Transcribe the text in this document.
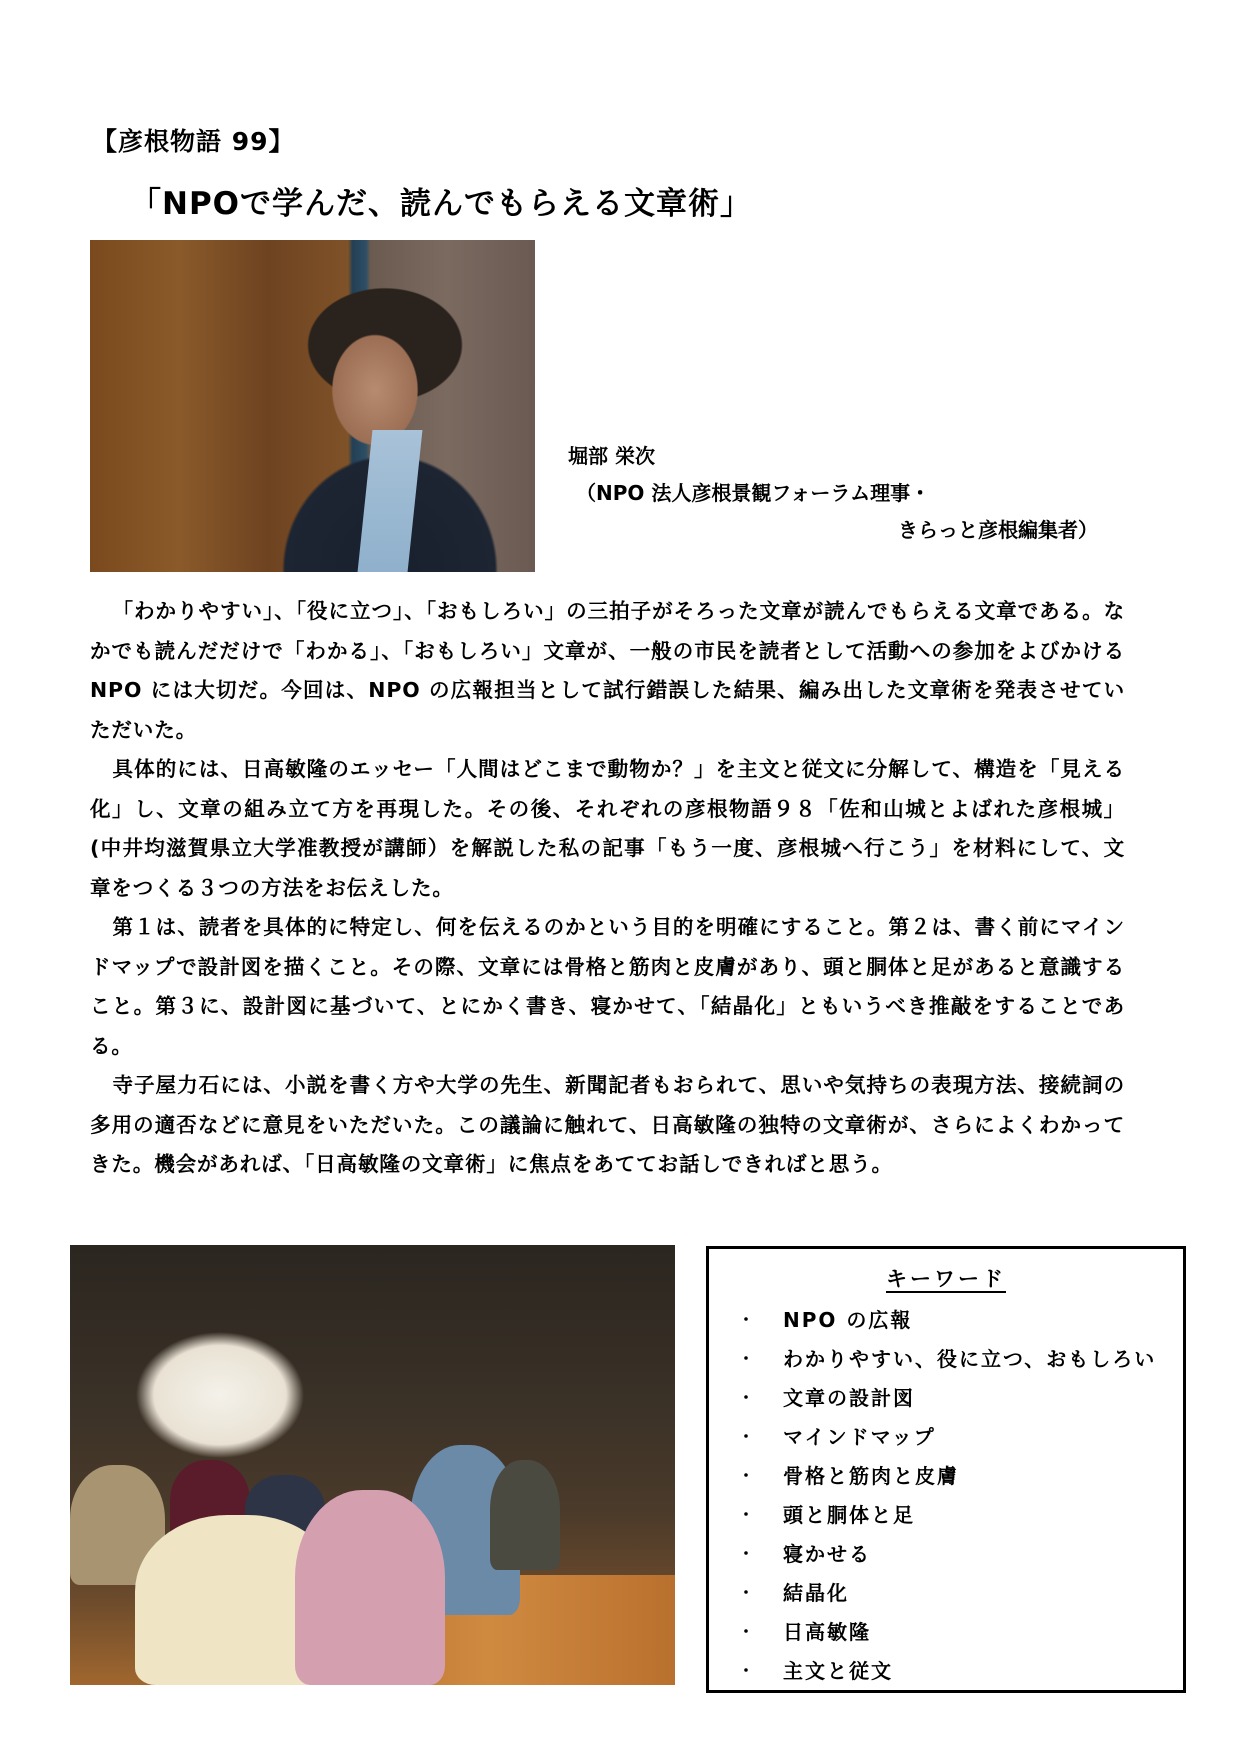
【彦根物語 99】
「NPOで学んだ、読んでもらえる文章術」
堀部 栄次
（NPO 法人彦根景観フォーラム理事・
きらっと彦根編集者）

「わかりやすい」、「役に立つ」、「おもしろい」の三拍子がそろった文章が読んでもらえる文章である。なかでも読んだだけで「わかる」、「おもしろい」文章が、一般の市民を読者として活動への参加をよびかける NPO には大切だ。今回は、NPO の広報担当として試行錯誤した結果、編み出した文章術を発表させていただいた。

具体的には、日高敏隆のエッセー「人間はどこまで動物か？」を主文と従文に分解して、構造を「見える化」し、文章の組み立て方を再現した。その後、それぞれの彦根物語９８「佐和山城とよばれた彦根城」(中井均滋賀県立大学准教授が講師）を解説した私の記事「もう一度、彦根城へ行こう」を材料にして、文章をつくる３つの方法をお伝えした。

第１は、読者を具体的に特定し、何を伝えるのかという目的を明確にすること。第２は、書く前にマインドマップで設計図を描くこと。その際、文章には骨格と筋肉と皮膚があり、頭と胴体と足があると意識すること。第３に、設計図に基づいて、とにかく書き、寝かせて、「結晶化」ともいうべき推敲をすることである。

寺子屋力石には、小説を書く方や大学の先生、新聞記者もおられて、思いや気持ちの表現方法、接続詞の多用の適否などに意見をいただいた。この議論に触れて、日高敏隆の独特の文章術が、さらによくわかってきた。機会があれば、「日高敏隆の文章術」に焦点をあててお話しできればと思う。

キーワード
・ NPO の広報
・ わかりやすい、役に立つ、おもしろい
・ 文章の設計図
・ マインドマップ
・ 骨格と筋肉と皮膚
・ 頭と胴体と足
・ 寝かせる
・ 結晶化
・ 日高敏隆
・ 主文と従文
